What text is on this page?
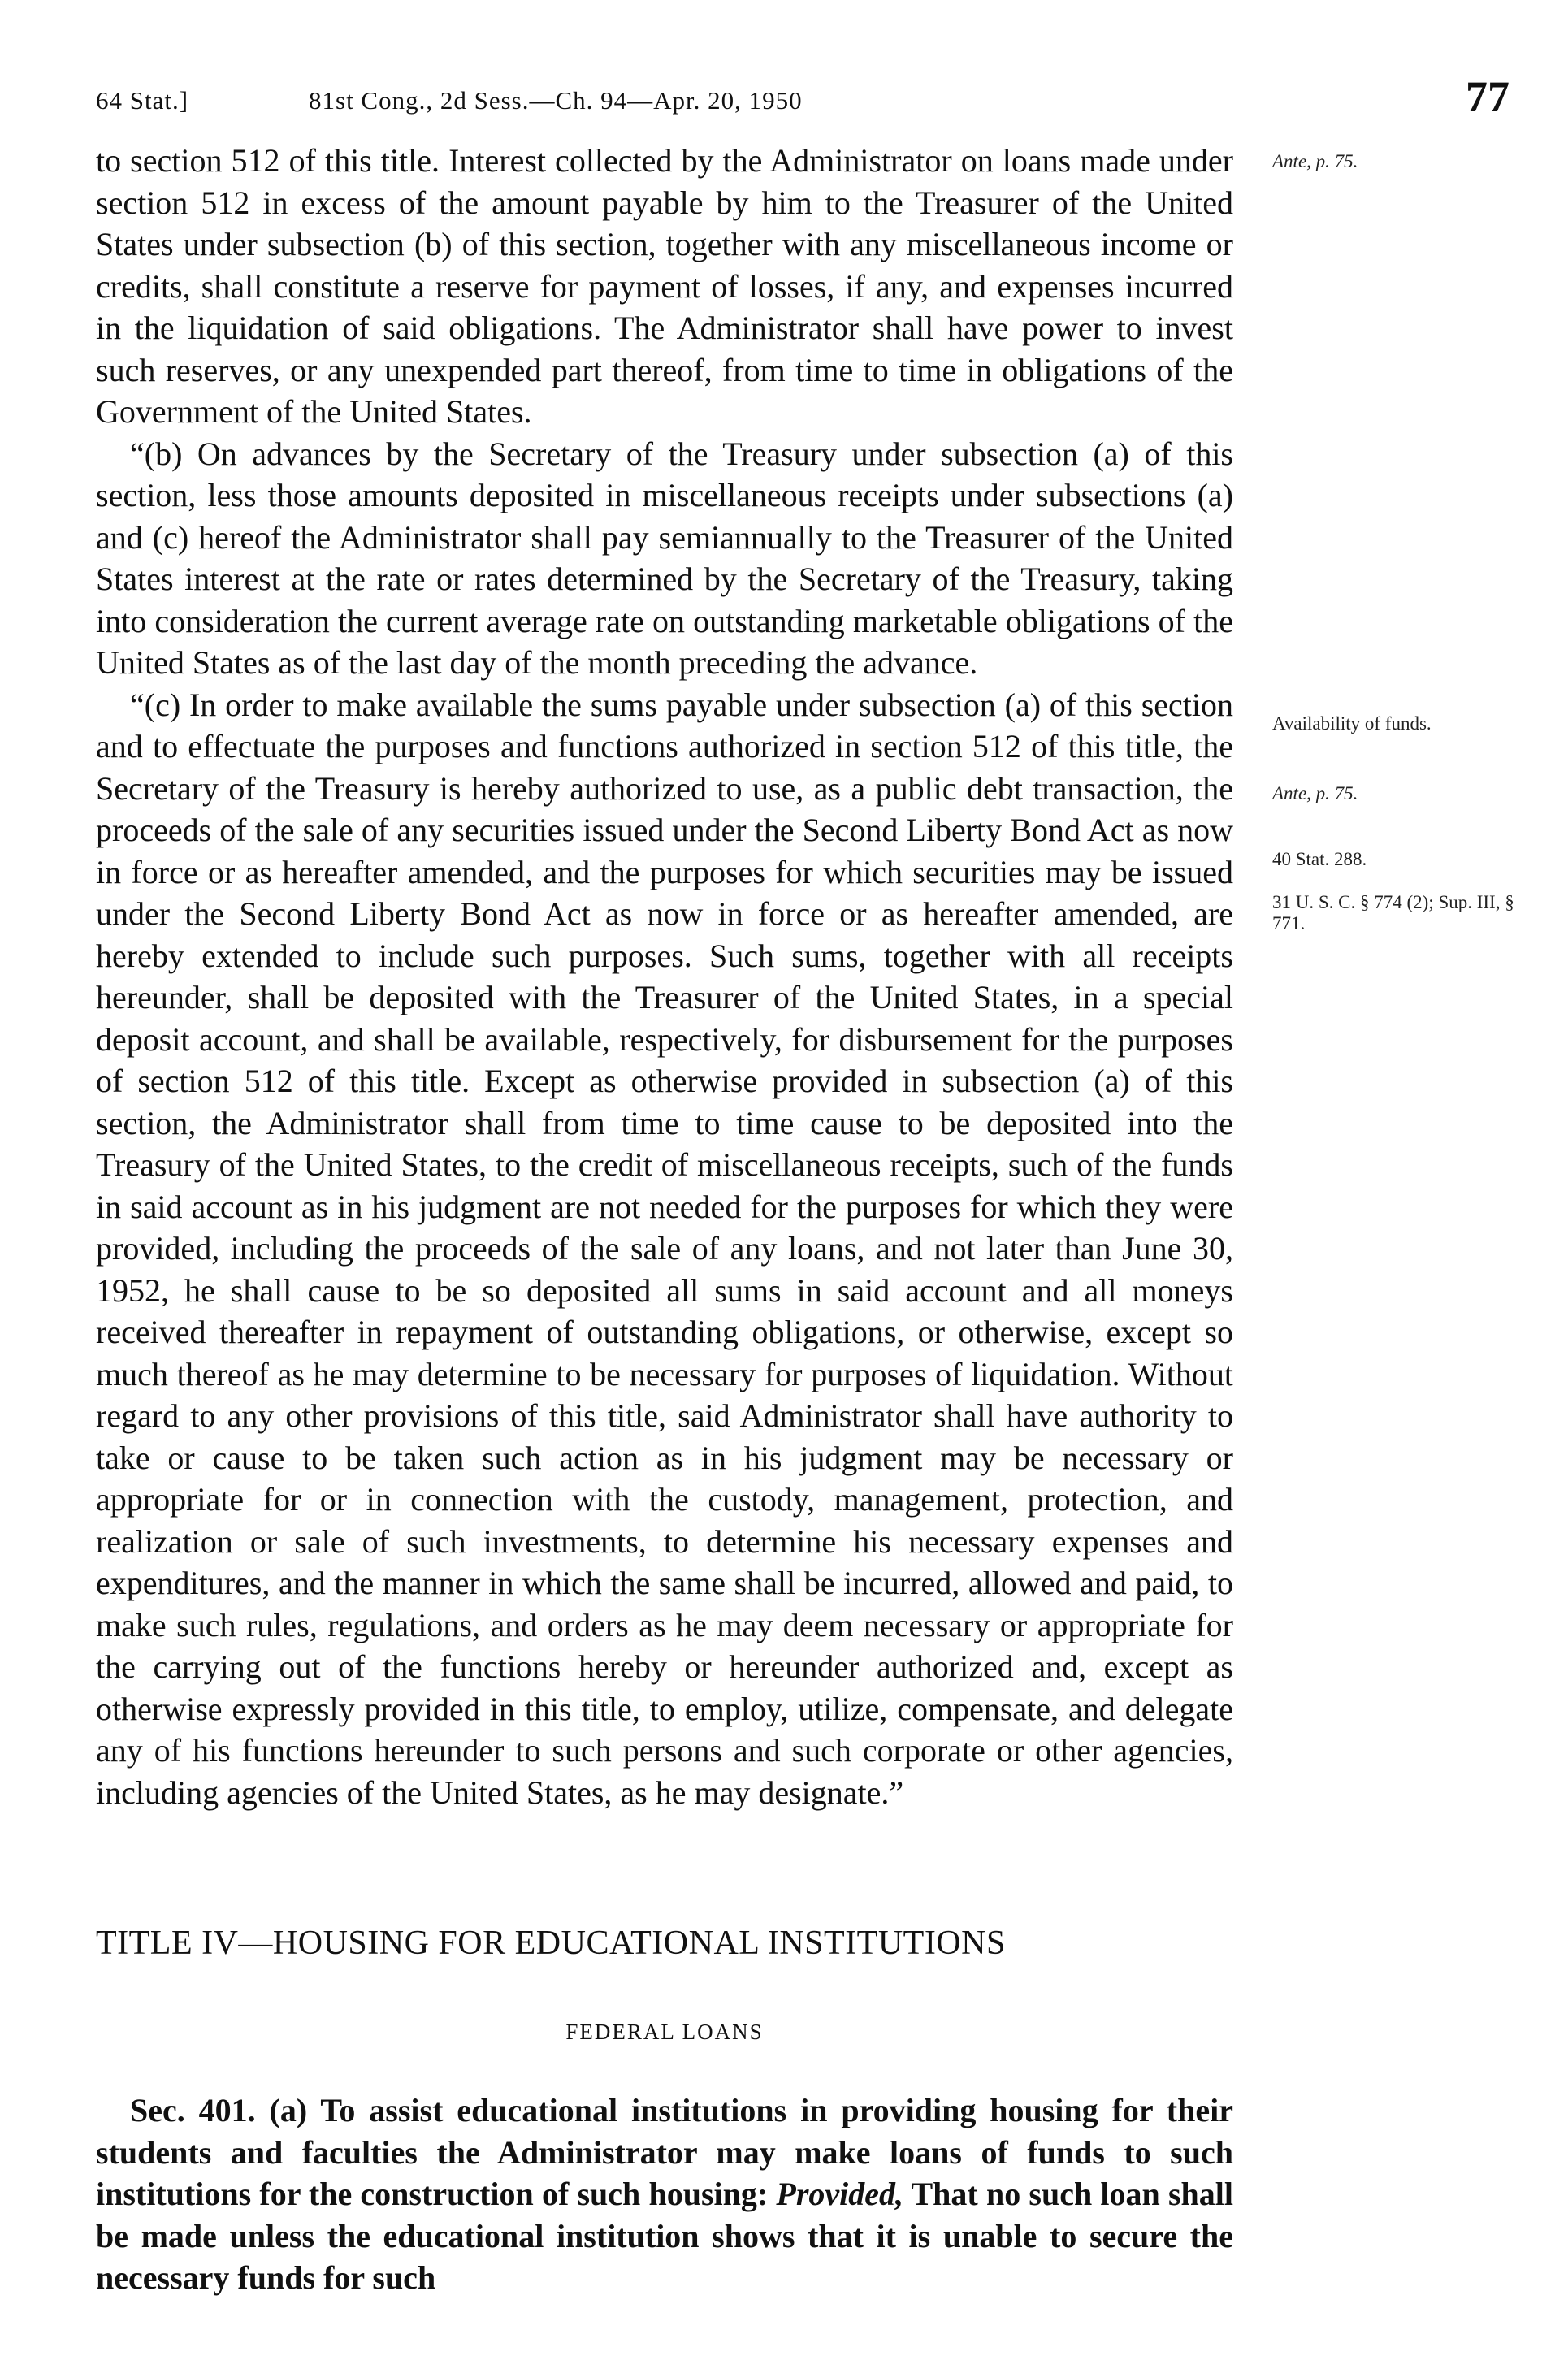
64 Stat.]	81st Cong., 2d Sess.—Ch. 94—Apr. 20, 1950	77

to section 512 of this title. Interest collected by the Administrator on loans made under section 512 in excess of the amount payable by him to the Treasurer of the United States under subsection (b) of this section, together with any miscellaneous income or credits, shall constitute a reserve for payment of losses, if any, and expenses incurred in the liquidation of said obligations. The Administrator shall have power to invest such reserves, or any unexpended part thereof, from time to time in obligations of the Government of the United States.

“(b) On advances by the Secretary of the Treasury under subsection (a) of this section, less those amounts deposited in miscellaneous receipts under subsections (a) and (c) hereof the Administrator shall pay semiannually to the Treasurer of the United States interest at the rate or rates determined by the Secretary of the Treasury, taking into consideration the current average rate on outstanding marketable obligations of the United States as of the last day of the month preceding the advance.

“(c) In order to make available the sums payable under subsection (a) of this section and to effectuate the purposes and functions authorized in section 512 of this title, the Secretary of the Treasury is hereby authorized to use, as a public debt transaction, the proceeds of the sale of any securities issued under the Second Liberty Bond Act as now in force or as hereafter amended, and the purposes for which securities may be issued under the Second Liberty Bond Act as now in force or as hereafter amended, are hereby extended to include such purposes. Such sums, together with all receipts hereunder, shall be deposited with the Treasurer of the United States, in a special deposit account, and shall be available, respectively, for disbursement for the purposes of section 512 of this title. Except as otherwise provided in subsection (a) of this section, the Administrator shall from time to time cause to be deposited into the Treasury of the United States, to the credit of miscellaneous receipts, such of the funds in said account as in his judgment are not needed for the purposes for which they were provided, including the proceeds of the sale of any loans, and not later than June 30, 1952, he shall cause to be so deposited all sums in said account and all moneys received thereafter in repayment of outstanding obligations, or otherwise, except so much thereof as he may determine to be necessary for purposes of liquidation. Without regard to any other provisions of this title, said Administrator shall have authority to take or cause to be taken such action as in his judgment may be necessary or appropriate for or in connection with the custody, management, protection, and realization or sale of such investments, to determine his necessary expenses and expenditures, and the manner in which the same shall be incurred, allowed and paid, to make such rules, regulations, and orders as he may deem necessary or appropriate for the carrying out of the functions hereby or hereunder authorized and, except as otherwise expressly provided in this title, to employ, utilize, compensate, and delegate any of his functions hereunder to such persons and such corporate or other agencies, including agencies of the United States, as he may designate.”

TITLE IV—HOUSING FOR EDUCATIONAL INSTITUTIONS
FEDERAL LOANS

Sec. 401. (a) To assist educational institutions in providing housing for their students and faculties the Administrator may make loans of funds to such institutions for the construction of such housing: Provided, That no such loan shall be made unless the educational institution shows that it is unable to secure the necessary funds for such

Ante, p. 75.
Availability of funds.
Ante, p. 75.
40 Stat. 288.
31 U. S. C. § 774 (2); Sup. III, § 771.
